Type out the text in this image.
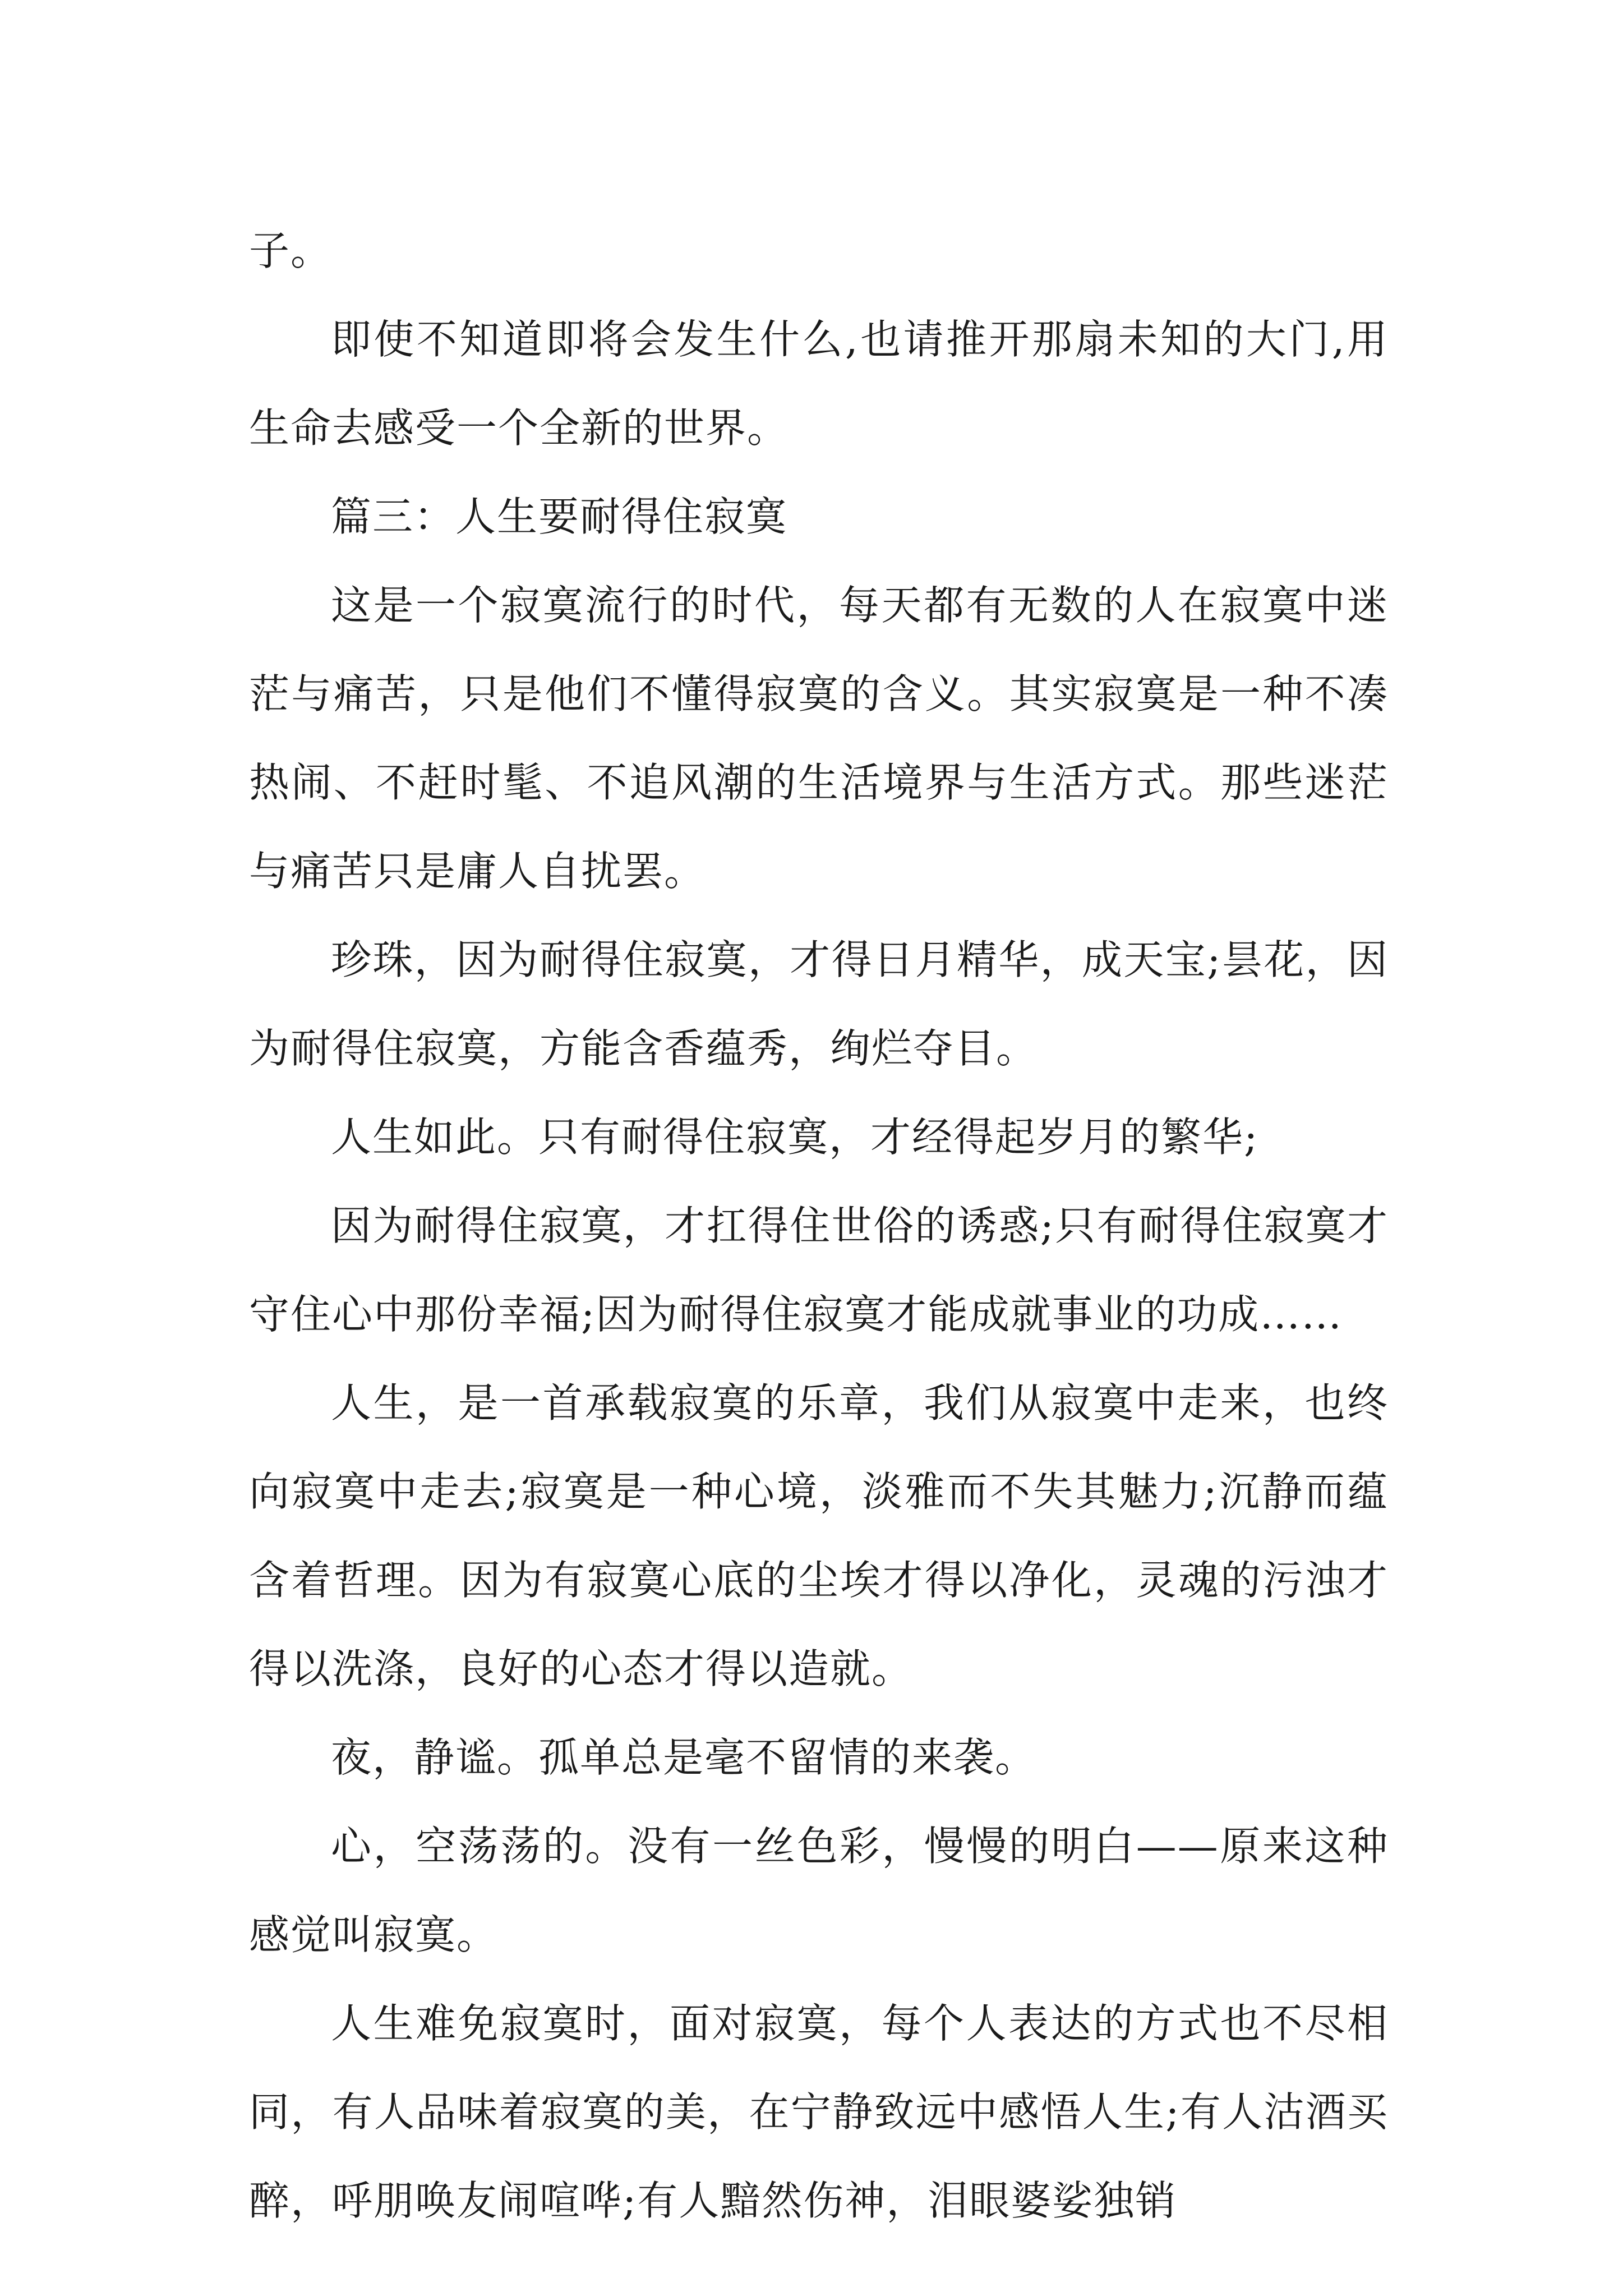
子。

即使不知道即将会发生什么,也请推开那扇未知的大门,用生命去感受一个全新的世界。

篇三：人生要耐得住寂寞

这是一个寂寞流行的时代，每天都有无数的人在寂寞中迷茫与痛苦，只是他们不懂得寂寞的含义。其实寂寞是一种不凑热闹、不赶时髦、不追风潮的生活境界与生活方式。那些迷茫与痛苦只是庸人自扰罢。

珍珠，因为耐得住寂寞，才得日月精华，成天宝;昙花，因为耐得住寂寞，方能含香蕴秀，绚烂夺目。

人生如此。只有耐得住寂寞，才经得起岁月的繁华;

因为耐得住寂寞，才扛得住世俗的诱惑;只有耐得住寂寞才守住心中那份幸福;因为耐得住寂寞才能成就事业的功成……

人生，是一首承载寂寞的乐章，我们从寂寞中走来，也终向寂寞中走去;寂寞是一种心境，淡雅而不失其魅力;沉静而蕴含着哲理。因为有寂寞心底的尘埃才得以净化，灵魂的污浊才得以洗涤，良好的心态才得以造就。

夜，静谧。孤单总是毫不留情的来袭。

心，空荡荡的。没有一丝色彩，慢慢的明白——原来这种感觉叫寂寞。

人生难免寂寞时，面对寂寞，每个人表达的方式也不尽相同，有人品味着寂寞的美，在宁静致远中感悟人生;有人沽酒买醉，呼朋唤友闹喧哗;有人黯然伤神，泪眼婆娑独销
